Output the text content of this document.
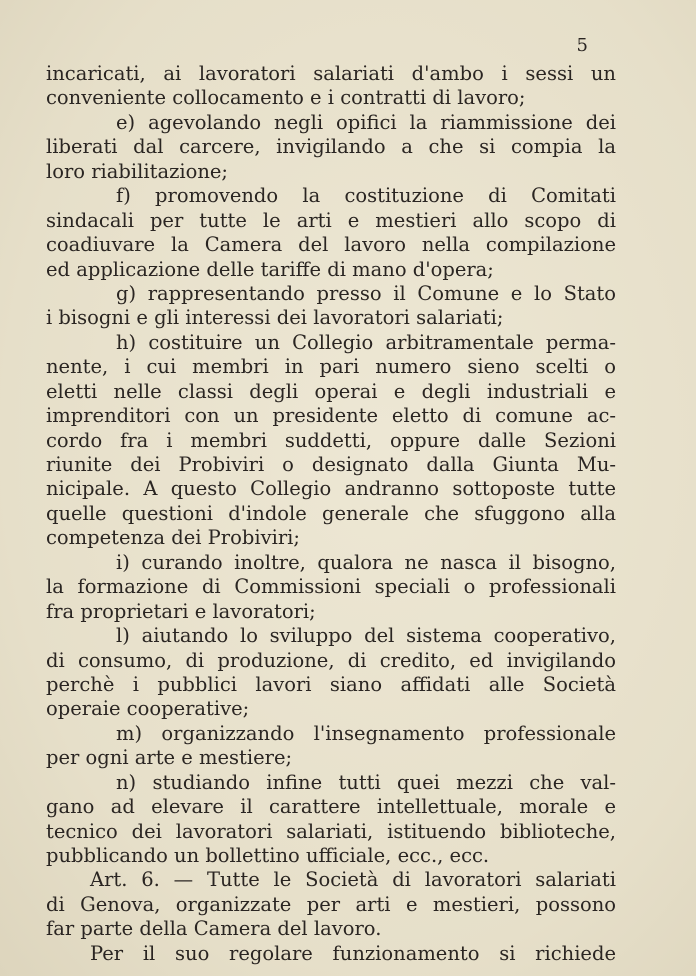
5
incaricati, ai lavoratori salariati d'ambo i sessi un
conveniente collocamento e i contratti di lavoro;
e) agevolando negli opifici la riammissione dei
liberati dal carcere, invigilando a che si compia la
loro riabilitazione;
f) promovendo la costituzione di Comitati
sindacali per tutte le arti e mestieri allo scopo di
coadiuvare la Camera del lavoro nella compilazione
ed applicazione delle tariffe di mano d'opera;
g) rappresentando presso il Comune e lo Stato
i bisogni e gli interessi dei lavoratori salariati;
h) costituire un Collegio arbitramentale perma-
nente, i cui membri in pari numero sieno scelti o
eletti nelle classi degli operai e degli industriali e
imprenditori con un presidente eletto di comune ac-
cordo fra i membri suddetti, oppure dalle Sezioni
riunite dei Probiviri o designato dalla Giunta Mu-
nicipale. A questo Collegio andranno sottoposte tutte
quelle questioni d'indole generale che sfuggono alla
competenza dei Probiviri;
i) curando inoltre, qualora ne nasca il bisogno,
la formazione di Commissioni speciali o professionali
fra proprietari e lavoratori;
l) aiutando lo sviluppo del sistema cooperativo,
di consumo, di produzione, di credito, ed invigilando
perchè i pubblici lavori siano affidati alle Società
operaie cooperative;
m) organizzando l'insegnamento professionale
per ogni arte e mestiere;
n) studiando infine tutti quei mezzi che val-
gano ad elevare il carattere intellettuale, morale e
tecnico dei lavoratori salariati, istituendo biblioteche,
pubblicando un bollettino ufficiale, ecc., ecc.
Art. 6. — Tutte le Società di lavoratori salariati
di Genova, organizzate per arti e mestieri, possono
far parte della Camera del lavoro.
Per il suo regolare funzionamento si richiede
